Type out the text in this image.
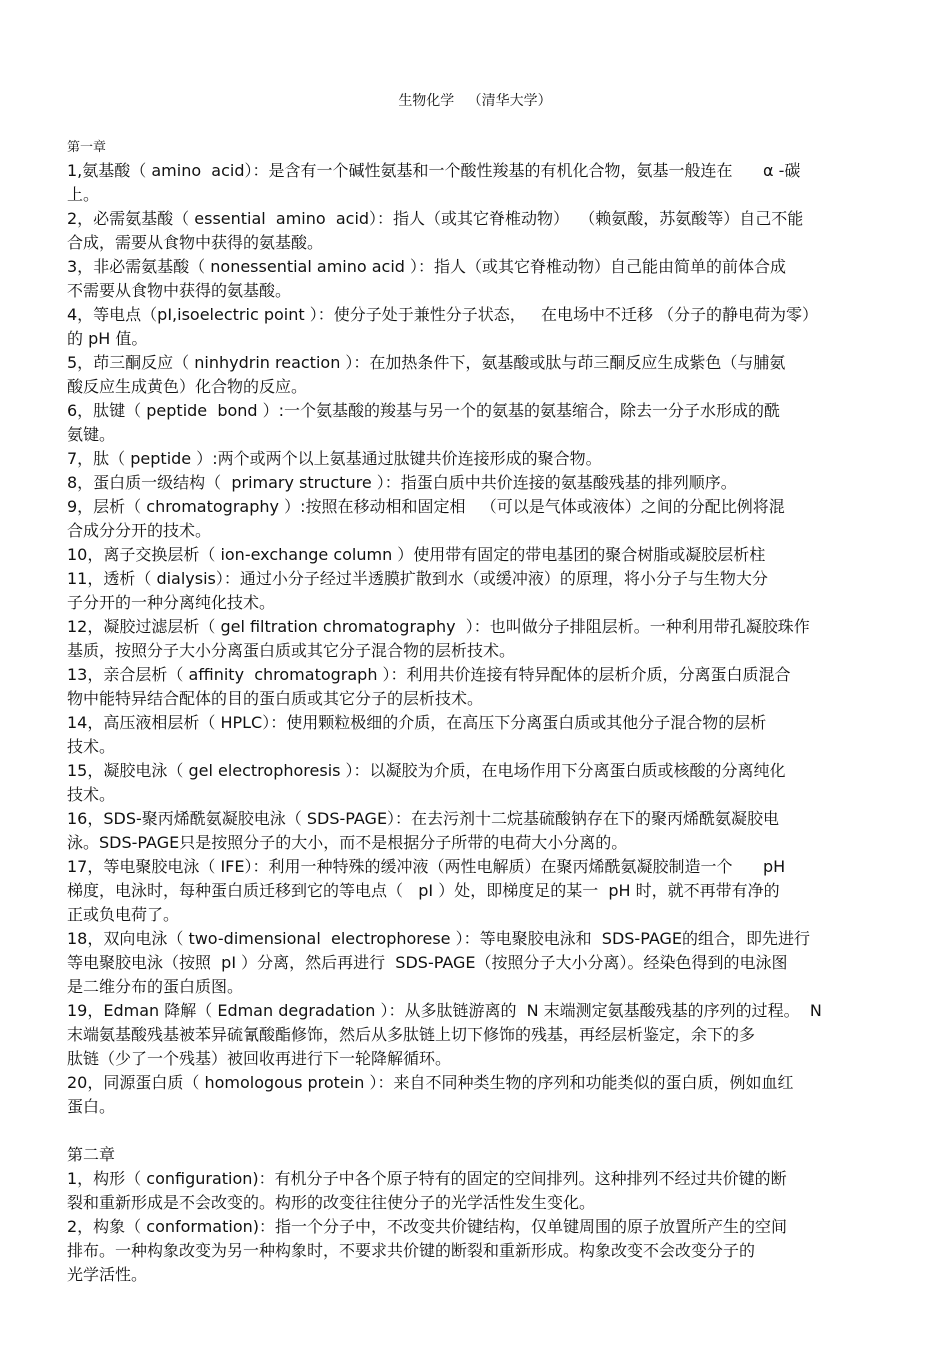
生物化学   （清华大学）

第一章

1,氨基酸（ amino  acid）：是含有一个碱性氨基和一个酸性羧基的有机化合物，氨基一般连在      α -碳
上。

2，必需氨基酸（ essential  amino  acid）：指人（或其它脊椎动物）  （赖氨酸，苏氨酸等）自己不能
合成，需要从食物中获得的氨基酸。

3，非必需氨基酸（ nonessential amino acid ）：指人（或其它脊椎动物）自己能由简单的前体合成
不需要从食物中获得的氨基酸。

4，等电点（pI,isoelectric point ）：使分子处于兼性分子状态，   在电场中不迁移 （分子的静电荷为零）
的 pH 值。

5，茚三酮反应（ ninhydrin reaction ）：在加热条件下，氨基酸或肽与茚三酮反应生成紫色（与脯氨
酸反应生成黄色）化合物的反应。

6，肽键（ peptide  bond ）:一个氨基酸的羧基与另一个的氨基的氨基缩合，除去一分子水形成的酰
氨键。

7，肽（ peptide ）:两个或两个以上氨基通过肽键共价连接形成的聚合物。

8，蛋白质一级结构（  primary structure ）：指蛋白质中共价连接的氨基酸残基的排列顺序。

9，层析（ chromatography ）:按照在移动相和固定相   （可以是气体或液体）之间的分配比例将混
合成分分开的技术。

10，离子交换层析（ ion-exchange column ）使用带有固定的带电基团的聚合树脂或凝胶层析柱

11，透析（ dialysis）：通过小分子经过半透膜扩散到水（或缓冲液）的原理，将小分子与生物大分
子分开的一种分离纯化技术。

12，凝胶过滤层析（ gel filtration chromatography  ）：也叫做分子排阻层析。一种利用带孔凝胶珠作
基质，按照分子大小分离蛋白质或其它分子混合物的层析技术。

13，亲合层析（ affinity  chromatograph ）：利用共价连接有特异配体的层析介质，分离蛋白质混合
物中能特异结合配体的目的蛋白质或其它分子的层析技术。

14，高压液相层析（ HPLC）：使用颗粒极细的介质，在高压下分离蛋白质或其他分子混合物的层析
技术。

15，凝胶电泳（ gel electrophoresis ）：以凝胶为介质，在电场作用下分离蛋白质或核酸的分离纯化
技术。

16，SDS-聚丙烯酰氨凝胶电泳（ SDS-PAGE）：在去污剂十二烷基硫酸钠存在下的聚丙烯酰氨凝胶电
泳。SDS-PAGE只是按照分子的大小，而不是根据分子所带的电荷大小分离的。

17，等电聚胶电泳（ IFE）：利用一种特殊的缓冲液（两性电解质）在聚丙烯酰氨凝胶制造一个      pH
梯度，电泳时，每种蛋白质迁移到它的等电点（   pI ）处，即梯度足的某一  pH 时，就不再带有净的
正或负电荷了。

18，双向电泳（ two-dimensional  electrophorese ）：等电聚胶电泳和  SDS-PAGE的组合，即先进行
等电聚胶电泳（按照  pI ）分离，然后再进行  SDS-PAGE（按照分子大小分离）。经染色得到的电泳图
是二维分布的蛋白质图。

19，Edman 降解（ Edman degradation ）：从多肽链游离的  N 末端测定氨基酸残基的序列的过程。  N
末端氨基酸残基被苯异硫氰酸酯修饰，然后从多肽链上切下修饰的残基，再经层析鉴定，余下的多
肽链（少了一个残基）被回收再进行下一轮降解循环。

20，同源蛋白质（ homologous protein ）：来自不同种类生物的序列和功能类似的蛋白质，例如血红
蛋白。

第二章

1，构形（ configuration)：有机分子中各个原子特有的固定的空间排列。这种排列不经过共价键的断
裂和重新形成是不会改变的。构形的改变往往使分子的光学活性发生变化。

2，构象（ conformation)：指一个分子中，不改变共价键结构，仅单键周围的原子放置所产生的空间
排布。一种构象改变为另一种构象时，不要求共价键的断裂和重新形成。构象改变不会改变分子的
光学活性。
